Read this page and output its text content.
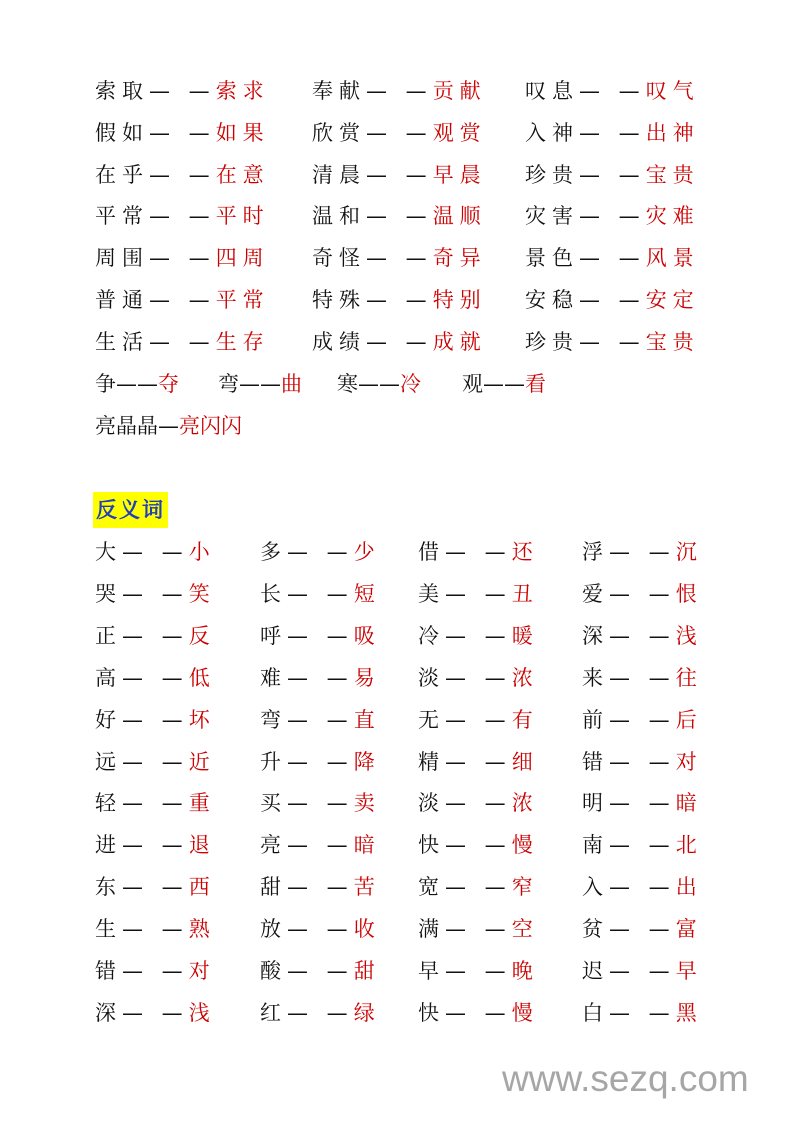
索取— —索求 奉献— —贡献 叹息— —叹气
假如— —如果 欣赏— —观赏 入神— —出神
在乎— —在意 清晨— —早晨 珍贵— —宝贵
平常— —平时 温和— —温顺 灾害— —灾难
周围— —四周 奇怪— —奇异 景色— —风景
普通— —平常 特殊— —特别 安稳— —安定
生活— —生存 成绩— —成就 珍贵— —宝贵
争——夺 弯——曲 寒——冷 观——看
亮晶晶—亮闪闪
反义词
大— —小 多— —少 借— —还 浮— —沉
哭— —笑 长— —短 美— —丑 爱— —恨
正— —反 呼— —吸 冷— —暖 深— —浅
高— —低 难— —易 淡— —浓 来— —往
好— —坏 弯— —直 无— —有 前— —后
远— —近 升— —降 精— —细 错— —对
轻— —重 买— —卖 淡— —浓 明— —暗
进— —退 亮— —暗 快— —慢 南— —北
东— —西 甜— —苦 宽— —窄 入— —出
生— —熟 放— —收 满— —空 贫— —富
错— —对 酸— —甜 早— —晚 迟— —早
深— —浅 红— —绿 快— —慢 白— —黑
www.sezq.com
